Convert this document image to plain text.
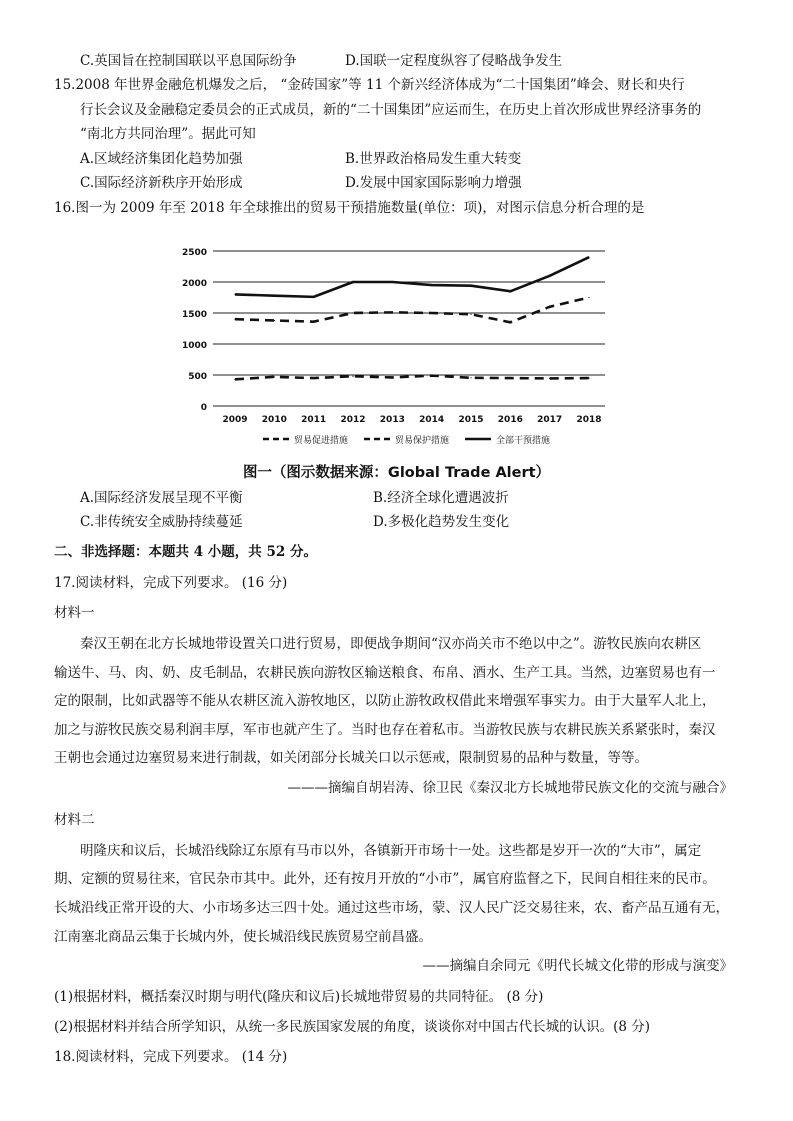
C.英国旨在控制国联以平息国际纷争	D.国联一定程度纵容了侵略战争发生
15.2008 年世界金融危机爆发之后， “金砖国家”等 11 个新兴经济体成为“二十国集团”峰会、财长和央行
行长会议及金融稳定委员会的正式成员，新的“二十国集团”应运而生，在历史上首次形成世界经济事务的
“南北方共同治理”。据此可知
A.区域经济集团化趋势加强	B.世界政治格局发生重大转变
C.国际经济新秩序开始形成	D.发展中国家国际影响力增强
16.图一为 2009 年至 2018 年全球推出的贸易干预措施数量(单位：项)，对图示信息分析合理的是
0
500
1000
1500
2000
2500
2009 2010 2011 2012 2013 2014 2015 2016 2017 2018
贸易促进措施	贸易保护措施	全部干预措施
图一（图示数据来源：Global Trade Alert）
A.国际经济发展呈现不平衡	B.经济全球化遭遇波折
C.非传统安全威胁持续蔓延	D.多极化趋势发生变化
二、非选择题：本题共 4 小题，共 52 分。
17.阅读材料，完成下列要求。 (16 分)
材料一
秦汉王朝在北方长城地带设置关口进行贸易，即便战争期间“汉亦尚关市不绝以中之”。游牧民族向农耕区
输送牛、马、肉、奶、皮毛制品，农耕民族向游牧区输送粮食、布帛、酒水、生产工具。当然，边塞贸易也有一
定的限制，比如武器等不能从农耕区流入游牧地区，以防止游牧政权借此来增强军事实力。由于大量军人北上，
加之与游牧民族交易利润丰厚，军市也就产生了。当时也存在着私市。当游牧民族与农耕民族关系紧张时，秦汉
王朝也会通过边塞贸易来进行制裁，如关闭部分长城关口以示惩戒，限制贸易的品种与数量，等等。
———摘编自胡岩涛、徐卫民《秦汉北方长城地带民族文化的交流与融合》
材料二
明隆庆和议后，长城沿线除辽东原有马市以外，各镇新开市场十一处。这些都是岁开一次的“大市”，属定
期、定额的贸易往来，官民杂市其中。此外，还有按月开放的“小市”，属官府监督之下，民间自相往来的民市。
长城沿线正常开设的大、小市场多达三四十处。通过这些市场，蒙、汉人民广泛交易往来，农、畜产品互通有无，
江南塞北商品云集于长城内外，使长城沿线民族贸易空前昌盛。
——摘编自余同元《明代长城文化带的形成与演变》
(1)根据材料，概括秦汉时期与明代(隆庆和议后)长城地带贸易的共同特征。 (8 分)
(2)根据材料并结合所学知识，从统一多民族国家发展的角度，谈谈你对中国古代长城的认识。(8 分)
18.阅读材料，完成下列要求。 (14 分)
